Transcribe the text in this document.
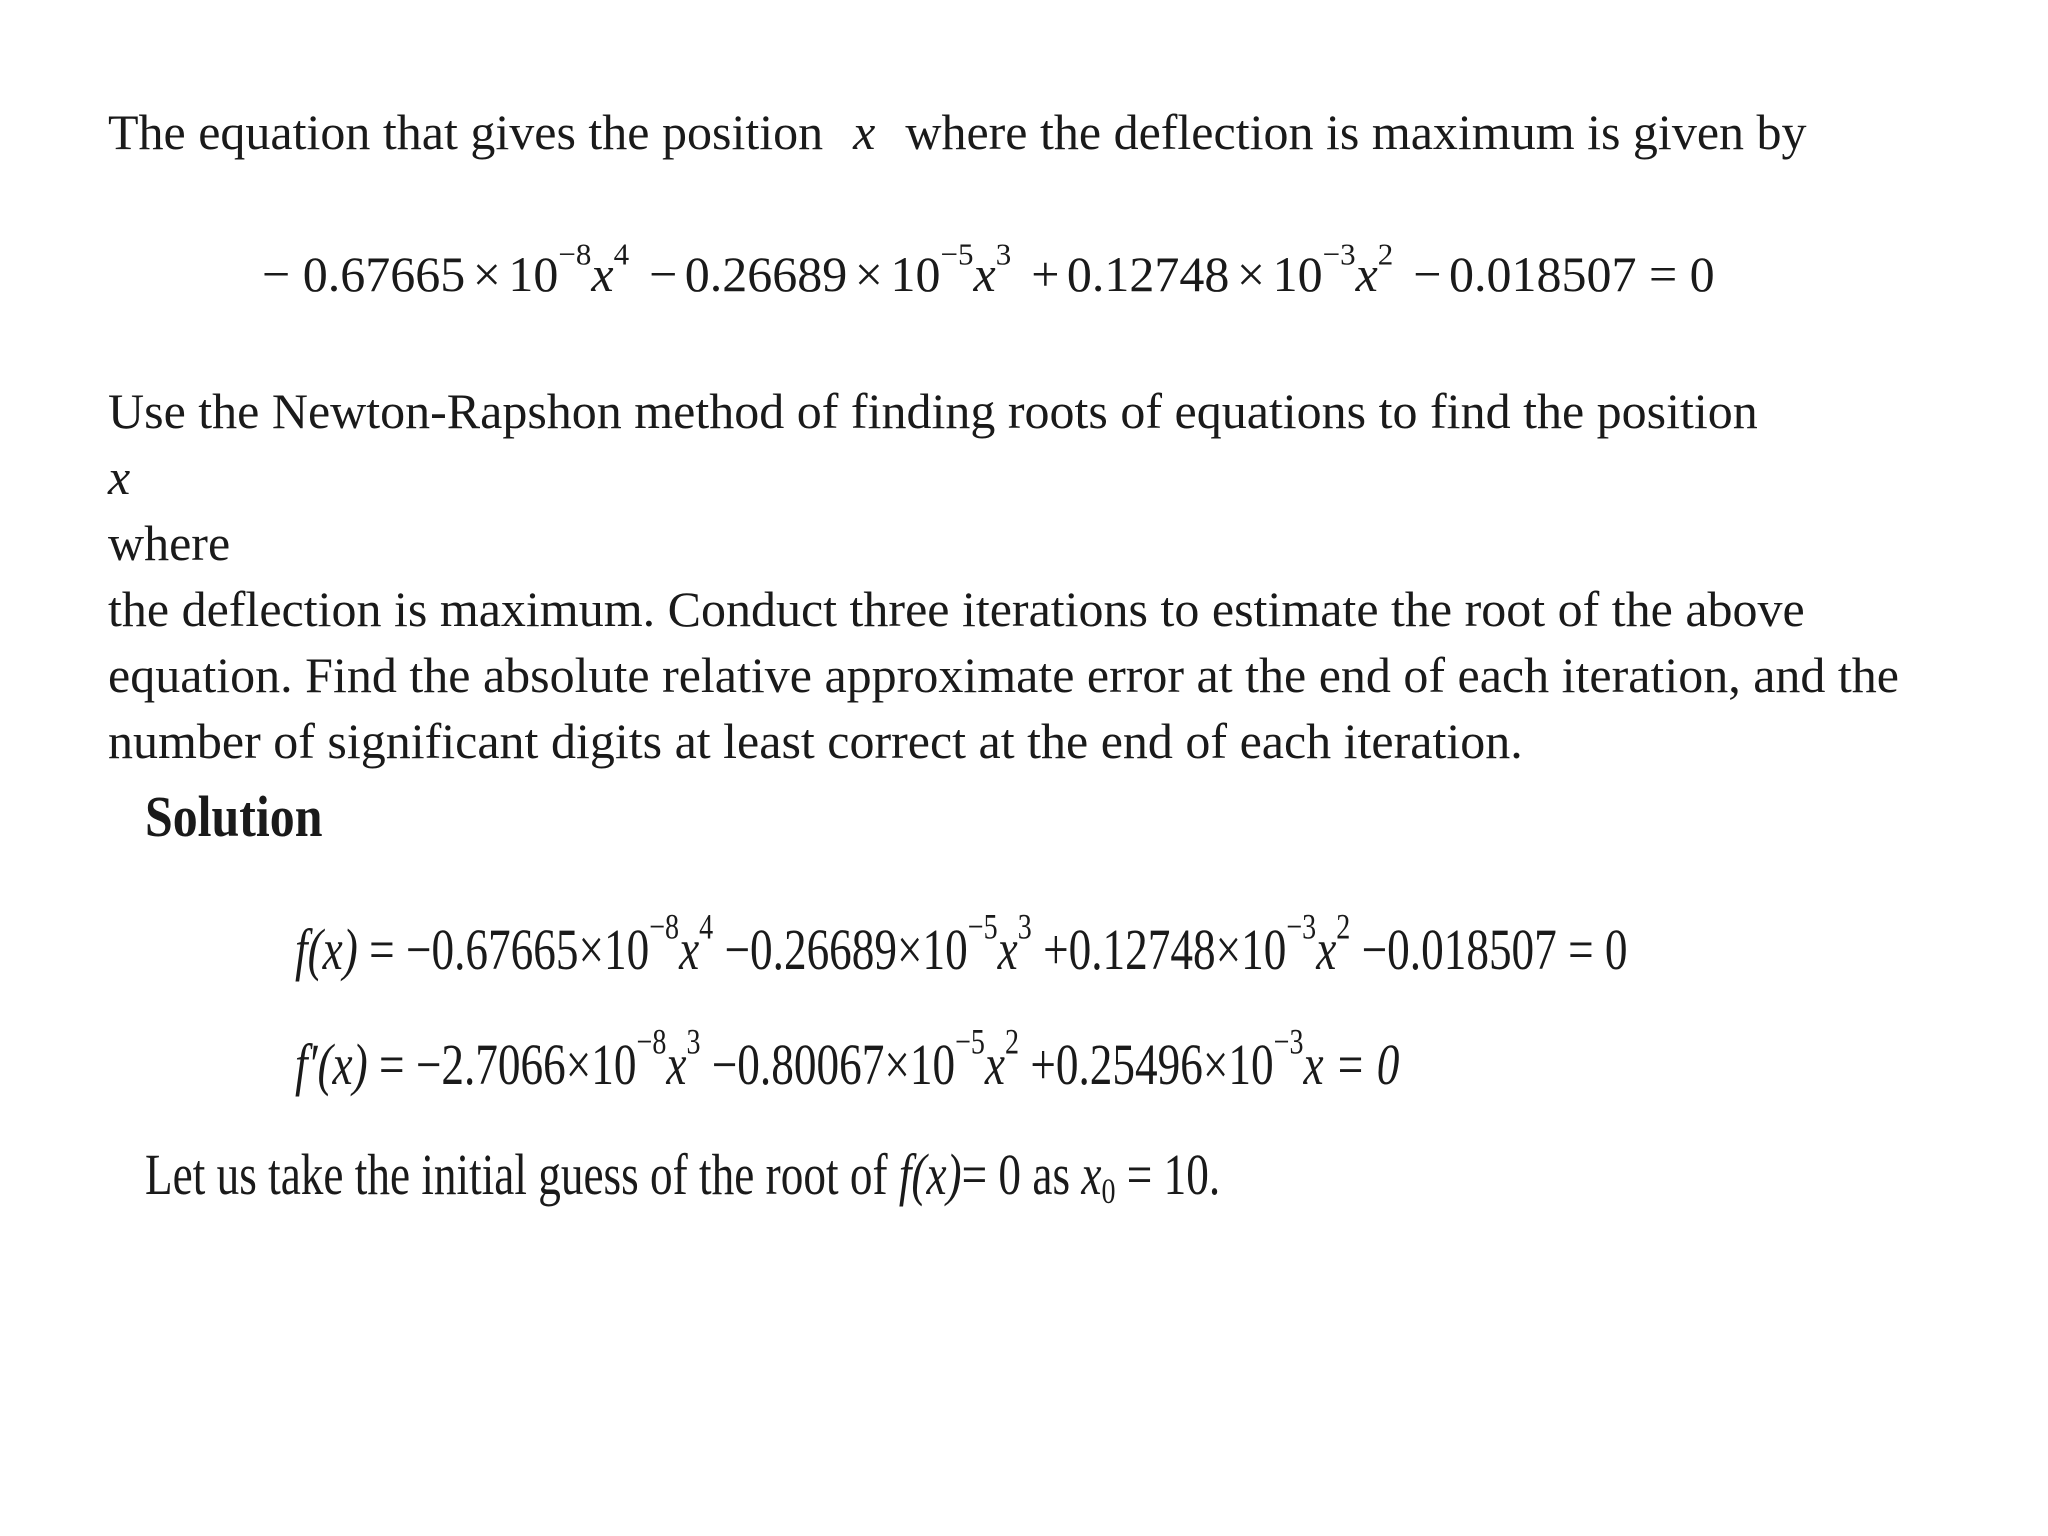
The equation that gives the position x where the deflection is maximum is given by
− $0.67665 \times 10^{-8}x^4 - 0.26689 \times 10^{-5}x^3 + 0.12748 \times 10^{-3}x^2 - 0.018507 = 0$
Use the Newton-Rapshon method of finding roots of equations to find the position
x
where
the deflection is maximum. Conduct three iterations to estimate the root of the above
equation. Find the absolute relative approximate error at the end of each iteration, and the
number of significant digits at least correct at the end of each iteration.
Solution
$f(x) = -0.67665\times 10^{-8}x^4 -0.26689\times 10^{-5}x^3 +0.12748\times 10^{-3}x^2 -0.018507 = 0$
$f'(x) = -2.7066\times 10^{-8}x^3 -0.80067\times 10^{-5}x^2 +0.25496\times 10^{-3}x = 0$
Let us take the initial guess of the root of f(x)= 0 as $x_0 = 10$.
